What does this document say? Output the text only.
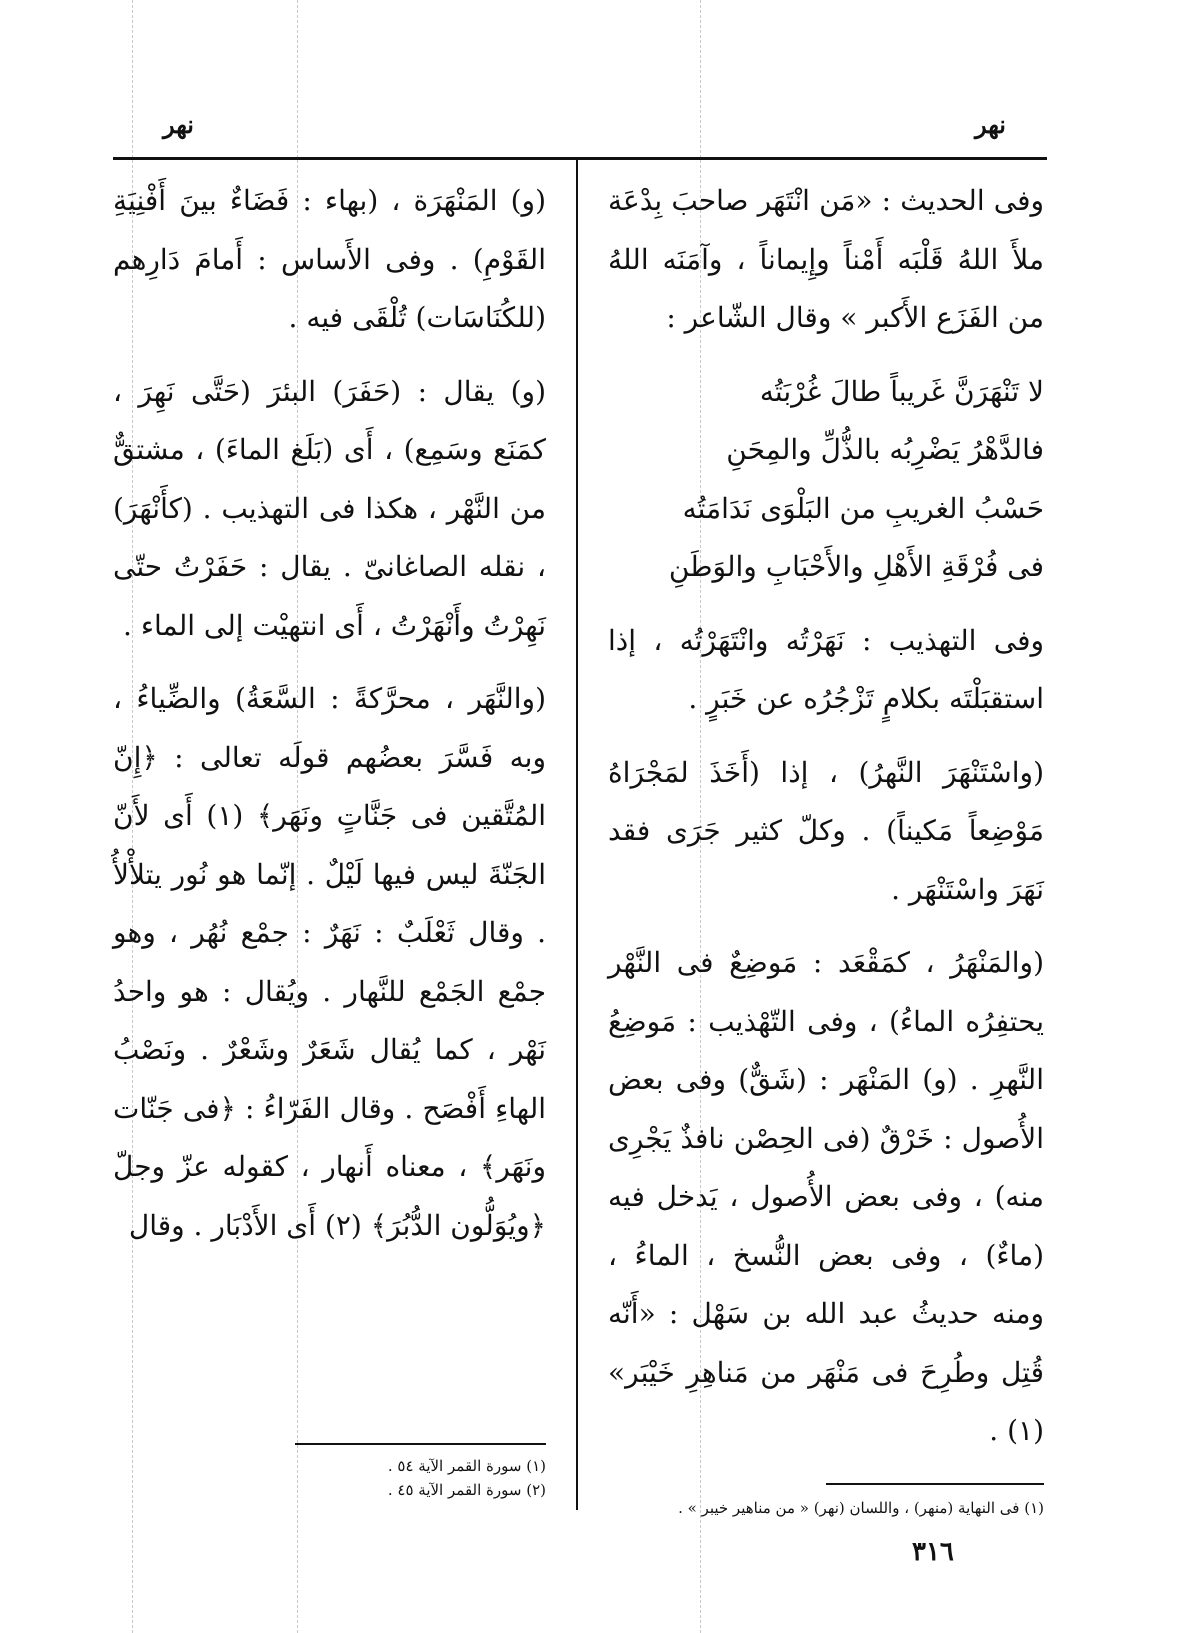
نهر
نهر

وفى الحديث : «مَن انْتَهَر صاحبَ بِدْعَة ملأَ اللهُ قَلْبَه أَمْناً وإِيماناً ، وآمَنَه اللهُ من الفَزَع الأَكبر » وقال الشّاعر :

لا تَنْهَرَنَّ غَريباً طالَ غُرْبَتُه

فالدَّهْرُ يَضْرِبُه بالذُّلِّ والمِحَنِ

حَسْبُ الغريبِ من البَلْوَى نَدَامَتُه

فى فُرْقَةِ الأَهْلِ والأَحْبَابِ والوَطَنِ

وفى التهذيب : نَهَرْتُه وانْتَهَرْتُه ، إذا استقبَلْتَه بكلامٍ تَزْجُرُه عن خَبَرٍ .

(واسْتَنْهَرَ النَّهرُ) ، إذا (أَخَذَ لمَجْرَاهُ مَوْضِعاً مَكيناً) . وكلّ كثير جَرَى فقد نَهَرَ واسْتَنْهَر .

(والمَنْهَرُ ، كمَقْعَد : مَوضِعٌ فى النَّهْر يحتفِرُه الماءُ) ، وفى التّهْذيب : مَوضِعُ النَّهرِ . (و) المَنْهَر : (شَقٌّ) وفى بعض الأُصول : خَرْقٌ (فى الحِصْن نافذٌ يَجْرِى منه) ، وفى بعض الأُصول ، يَدخل فيه (ماءٌ) ، وفى بعض النُّسخ ، الماءُ ، ومنه حديثُ عبد الله بن سَهْل : «أَنّه قُتِل وطُرِحَ فى مَنْهَر من مَناهِرِ خَيْبَر» (١) .

(و) المَنْهَرَة ، (بهاء : فَضَاءٌ بينَ أَفْنِيَةِ القَوْمِ) . وفى الأَساس : أَمامَ دَارِهم (للكُنَاسَات) تُلْقَى فيه .

(و) يقال : (حَفَرَ) البئرَ (حَتَّى نَهِرَ ، كمَنَع وسَمِع) ، أَى (بَلَغ الماءَ) ، مشتقٌّ من النَّهْر ، هكذا فى التهذيب . (كأَنْهَرَ) ، نقله الصاغانىّ . يقال : حَفَرْتُ حتّى نَهِرْتُ وأَنْهَرْتُ ، أَى انتهيْت إلى الماء .

(والنَّهَر ، محرَّكةً : السَّعَةُ) والضِّياءُ ، وبه فَسَّرَ بعضُهم قولَه تعالى : ﴿إِنّ المُتَّقين فى جَنَّاتٍ ونَهَر﴾ (١) أَى لأَنّ الجَنّةَ ليس فيها لَيْلٌ . إنّما هو نُور يتلأْلأُ . وقال ثَعْلَبٌ : نَهَرٌ : جمْع نُهُر ، وهو جمْع الجَمْع للنَّهار . ويُقال : هو واحدُ نَهْر ، كما يُقال شَعَرٌ وشَعْرٌ . ونَصْبُ الهاءِ أَفْصَح . وقال الفَرّاءُ : ﴿فى جَنّات ونَهَر﴾ ، معناه أَنهار ، كقوله عزّ وجلّ ﴿ويُوَلُّون الدُّبُرَ﴾ (٢) أَى الأَدْبَار . وقال

(١) فى النهاية (منهر) ، واللسان (نهر) « من مناهير خيبر » .
(١) سورة القمر الآية ٥٤ .
(٢) سورة القمر الآية ٤٥ .
٣١٦
